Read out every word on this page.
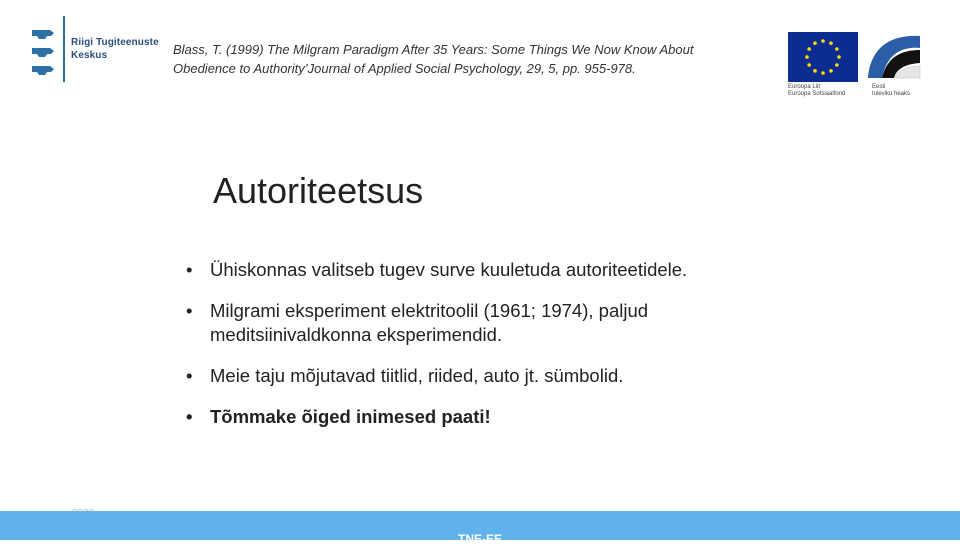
Riigi Tugiteenuste
Keskus	Blass, T. (1999) The Milgram Paradigm After 35 Years: Some Things We Now Know About
Obedience to Authority’Journal of Applied Social Psychology, 29, 5, pp. 955-978.
Euroopa Liit
Euroopa Sotsiaalfond
Eesti
tuleviku heaks
Autoriteetsus
• Ühiskonnas valitseb tugev surve kuuletuda autoriteetidele.
• Milgrami eksperiment elektritoolil (1961; 1974), paljud meditsiinivaldkonna eksperimendid.
• Meie taju mõjutavad tiitlid, riided, auto jt. sümbolid.
• Tõmmake õiged inimesed paati!
TNE-EE
